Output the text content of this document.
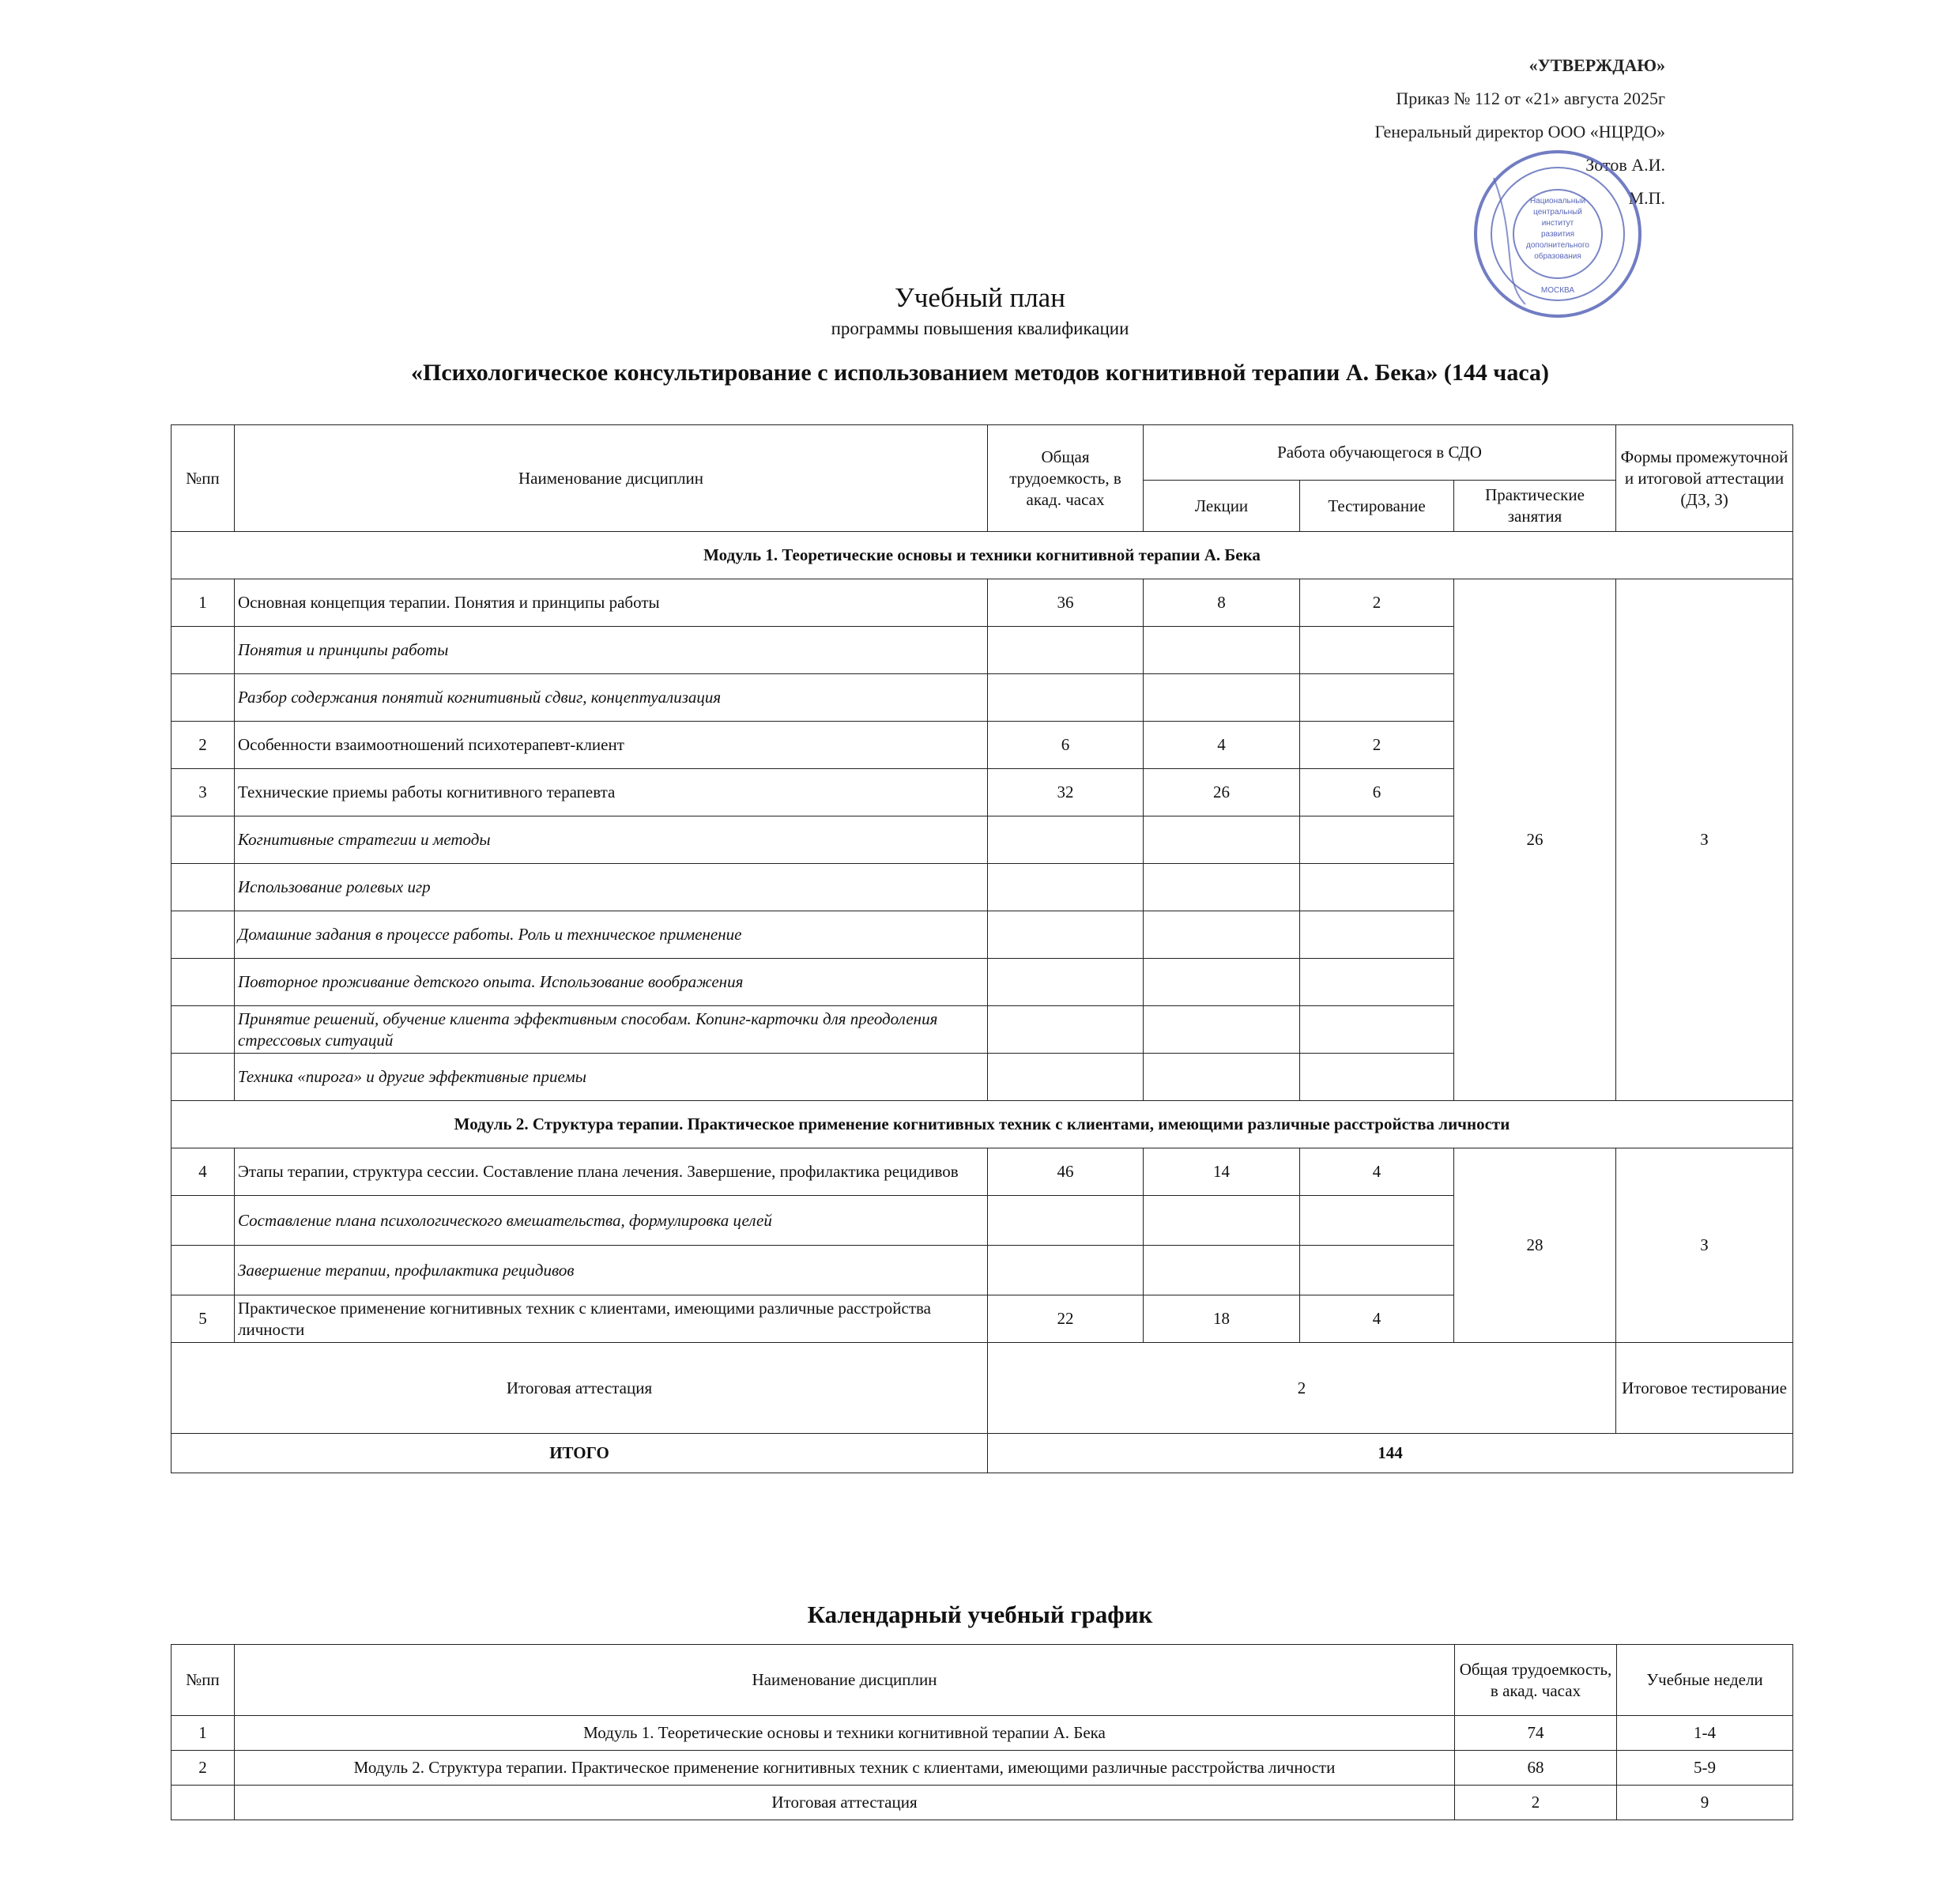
«УТВЕРЖДАЮ»
Приказ № 112 от «21» августа 2025г
Генеральный директор ООО «НЦРДО»
Зотов А.И.
М.П.
Национальный
центральный
институт
развития
дополнительного
образования
МОСКВА
Учебный план
программы повышения квалификации
«Психологическое консультирование с использованием методов когнитивной терапии А. Бека» (144 часа)
№пп	Наименование дисциплин	Общая трудоемкость, в акад. часах	Работа обучающегося в СДО			Формы промежуточной и итоговой аттестации (ДЗ, З)
			Лекции	Тестирование	Практические занятия	
Модуль 1. Теоретические основы и техники когнитивной терапии А. Бека						
1	Основная концепция терапии. Понятия и принципы работы	36	8	2	26	З
	Понятия и принципы работы					
	Разбор содержания понятий когнитивный сдвиг, концептуализация					
2	Особенности взаимоотношений психотерапевт-клиент	6	4	2		
3	Технические приемы работы когнитивного терапевта	32	26	6		
	Когнитивные стратегии и методы					
	Использование ролевых игр					
	Домашние задания в процессе работы. Роль и техническое применение					
	Повторное проживание детского опыта. Использование воображения					
	Принятие решений, обучение клиента эффективным способам. Копинг-карточки для преодоления стрессовых ситуаций					
	Техника «пирога» и другие эффективные приемы					
Модуль 2. Структура терапии. Практическое применение когнитивных техник с клиентами, имеющими различные расстройства личности						
4	Этапы терапии, структура сессии. Составление плана лечения. Завершение, профилактика рецидивов	46	14	4	28	З
	Составление плана психологического вмешательства, формулировка целей					
	Завершение терапии, профилактика рецидивов					
5	Практическое применение когнитивных техник с клиентами, имеющими различные расстройства личности	22	18	4		
Итоговая аттестация		2				Итоговое тестирование
ИТОГО		144				
Календарный учебный график
№пп	Наименование дисциплин	Общая трудоемкость, в акад. часах	Учебные недели
1	Модуль 1. Теоретические основы и техники когнитивной терапии А. Бека	74	1-4
2	Модуль 2. Структура терапии. Практическое применение когнитивных техник с клиентами, имеющими различные расстройства личности	68	5-9
	Итоговая аттестация	2	9
